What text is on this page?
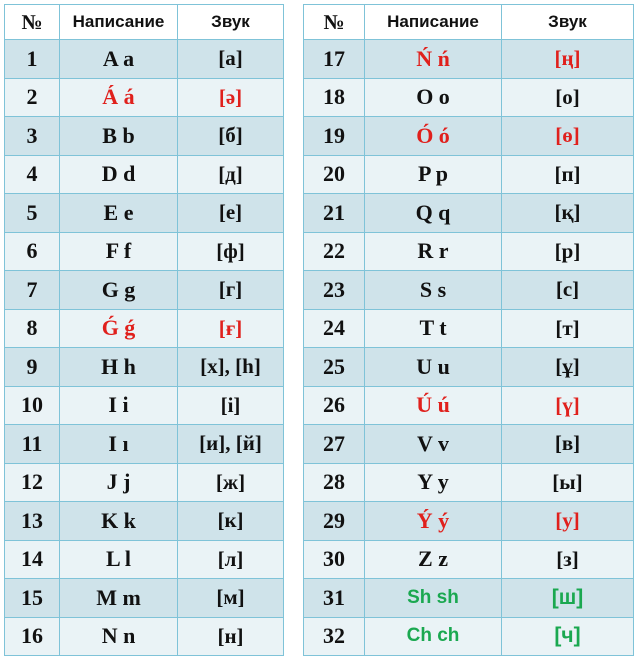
№	Написание	Звук
1	A a	[а]
2	Á á	[ә]
3	B b	[б]
4	D d	[д]
5	E e	[е]
6	F f	[ф]
7	G g	[г]
8	Ǵ ǵ	[ғ]
9	H h	[х], [h]
10	I i	[і]
11	I ı	[и], [й]
12	J j	[ж]
13	K k	[к]
14	L l	[л]
15	M m	[м]
16	N n	[н]
№	Написание	Звук
17	Ń ń	[ң]
18	O o	[о]
19	Ó ó	[ө]
20	P p	[п]
21	Q q	[қ]
22	R r	[р]
23	S s	[с]
24	T t	[т]
25	U u	[ұ]
26	Ú ú	[ү]
27	V v	[в]
28	Y y	[ы]
29	Ý ý	[у]
30	Z z	[з]
31	Sh sh	[ш]
32	Ch ch	[ч]
